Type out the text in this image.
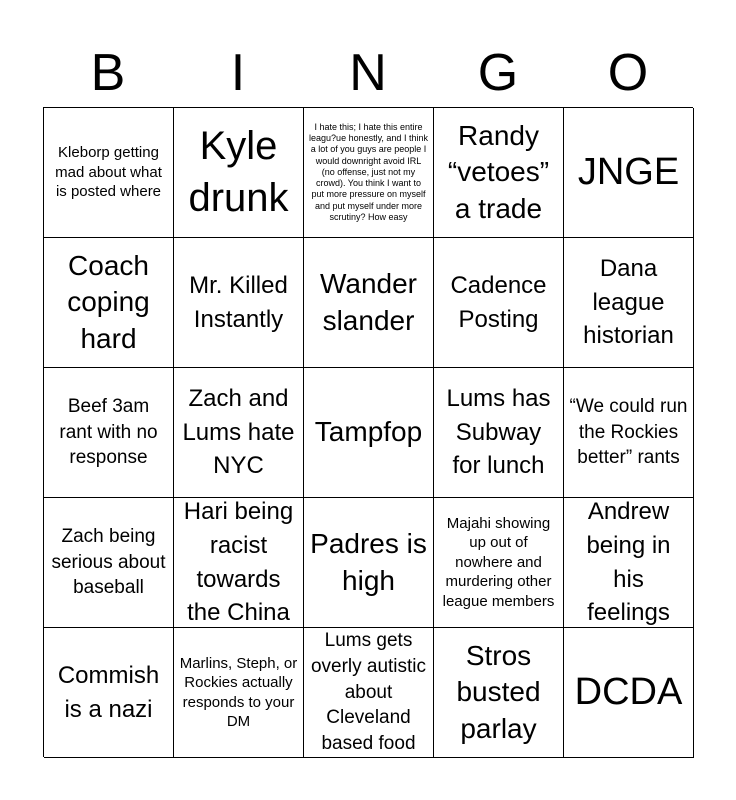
B	I	N	G	O
Kleborp getting mad about what is posted where
Kyle drunk
I hate this; I hate this entire leagu?ue honestly, and I think a lot of you guys are people I would downright avoid IRL (no offense, just not my crowd). You think I want to put more pressure on myself and put myself under more scrutiny? How easy
Randy “vetoes” a trade
JNGE
Coach coping hard
Mr. Killed Instantly
Wander slander
Cadence Posting
Dana league historian
Beef 3am rant with no response
Zach and Lums hate NYC
Tampfop
Lums has Subway for lunch
“We could run the Rockies better” rants
Zach being serious about baseball
Hari being racist towards the China
Padres is high
Majahi showing up out of nowhere and murdering other league members
Andrew being in his feelings
Commish is a nazi
Marlins, Steph, or Rockies actually responds to your DM
Lums gets overly autistic about Cleveland based food
Stros busted parlay
DCDA
